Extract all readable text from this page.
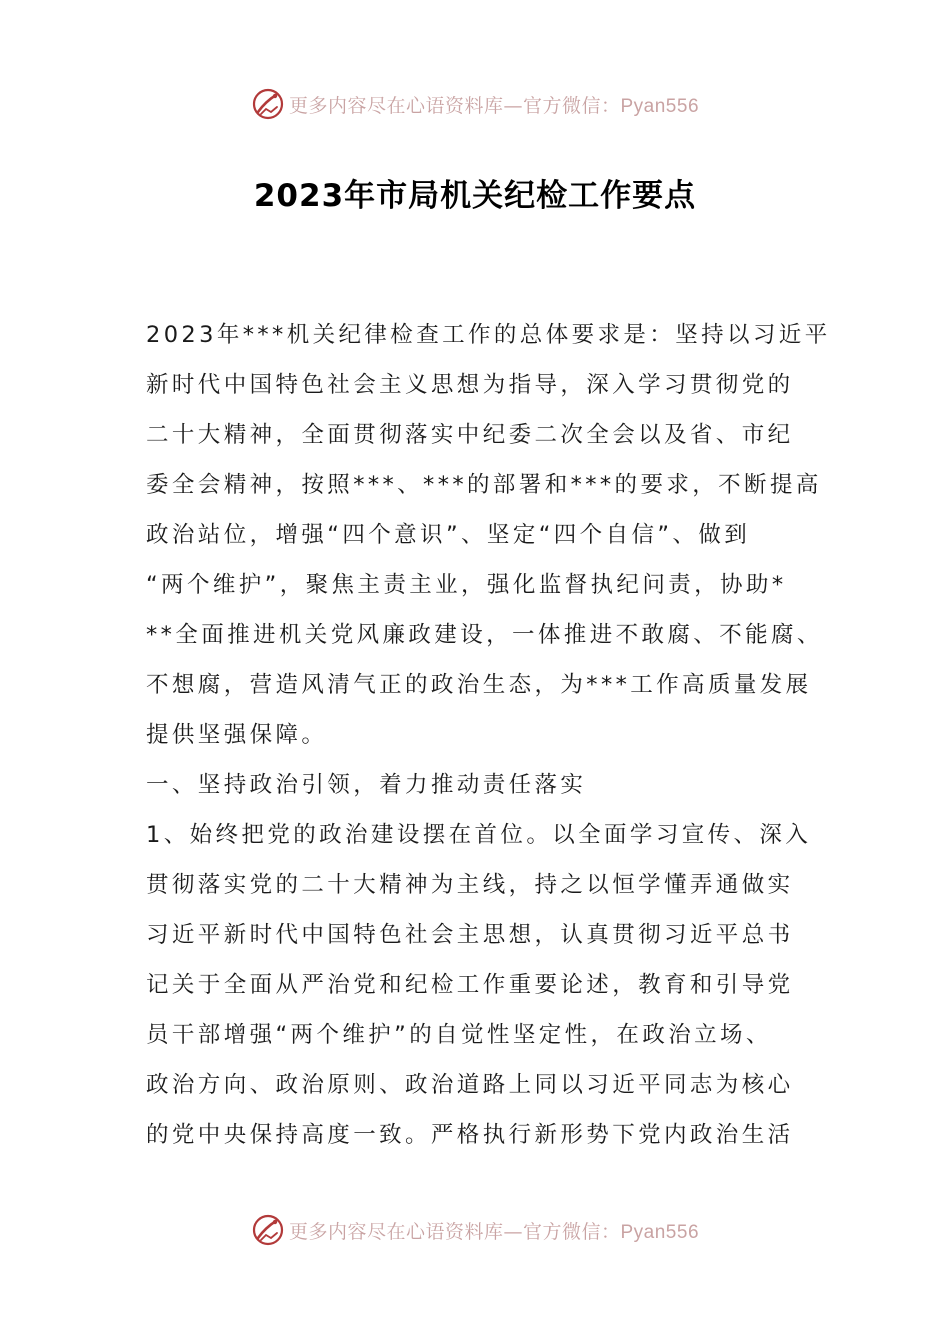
更多内容尽在心语资料库—官方微信：Pyan556
2023年市局机关纪检工作要点
2023年***机关纪律检查工作的总体要求是：坚持以习近平
新时代中国特色社会主义思想为指导，深入学习贯彻党的
二十大精神，全面贯彻落实中纪委二次全会以及省、市纪
委全会精神，按照***、***的部署和***的要求，不断提高
政治站位，增强“四个意识”、坚定“四个自信”、做到
“两个维护”，聚焦主责主业，强化监督执纪问责，协助*
**全面推进机关党风廉政建设，一体推进不敢腐、不能腐、
不想腐，营造风清气正的政治生态，为***工作高质量发展
提供坚强保障。
一、坚持政治引领，着力推动责任落实
1、始终把党的政治建设摆在首位。以全面学习宣传、深入
贯彻落实党的二十大精神为主线，持之以恒学懂弄通做实
习近平新时代中国特色社会主思想，认真贯彻习近平总书
记关于全面从严治党和纪检工作重要论述，教育和引导党
员干部增强“两个维护”的自觉性坚定性，在政治立场、
政治方向、政治原则、政治道路上同以习近平同志为核心
的党中央保持高度一致。严格执行新形势下党内政治生活
更多内容尽在心语资料库—官方微信：Pyan556
